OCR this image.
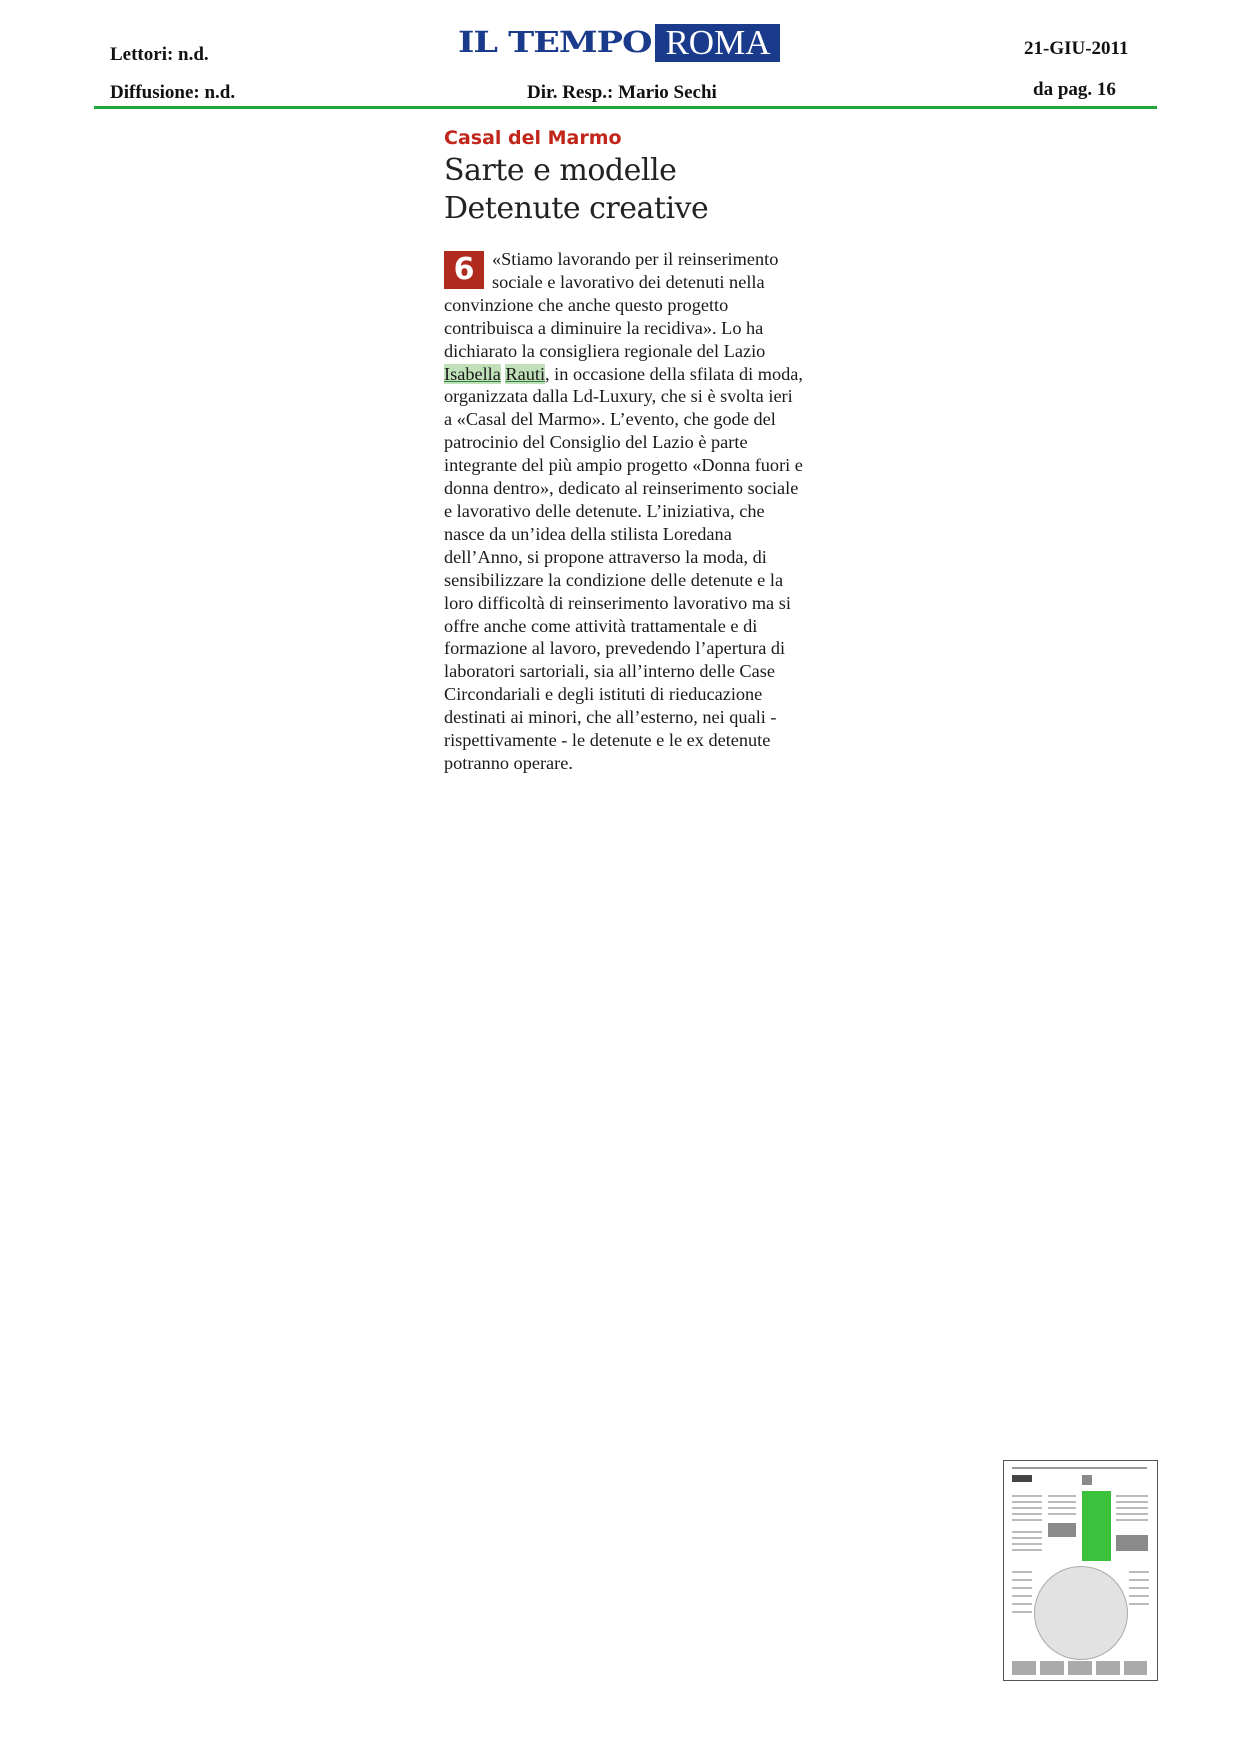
Lettori: n.d.
Diffusione: n.d.
IL TEMPO ROMA
Dir. Resp.: Mario Sechi
21-GIU-2011
da pag. 16
Casal del Marmo
Sarte e modelle
Detenute creative
6 «Stiamo lavorando per il reinserimento sociale e lavorativo dei detenuti nella convinzione che anche questo progetto contribuisca a diminuire la recidiva». Lo ha dichiarato la consigliera regionale del Lazio Isabella Rauti, in occasione della sfilata di moda, organizzata dalla Ld-Luxury, che si è svolta ieri a «Casal del Marmo». L’evento, che gode del patrocinio del Consiglio del Lazio è parte integrante del più ampio progetto «Donna fuori e donna dentro», dedicato al reinserimento sociale e lavorativo delle detenute. L’iniziativa, che nasce da un’idea della stilista Loredana dell’Anno, si propone attraverso la moda, di sensibilizzare la condizione delle detenute e la loro difficoltà di reinserimento lavorativo ma si offre anche come attività trattamentale e di formazione al lavoro, prevedendo l’apertura di laboratori sartoriali, sia all’interno delle Case Circondariali e degli istituti di rieducazione destinati ai minori, che all’esterno, nei quali - rispettivamente - le detenute e le ex detenute potranno operare.
